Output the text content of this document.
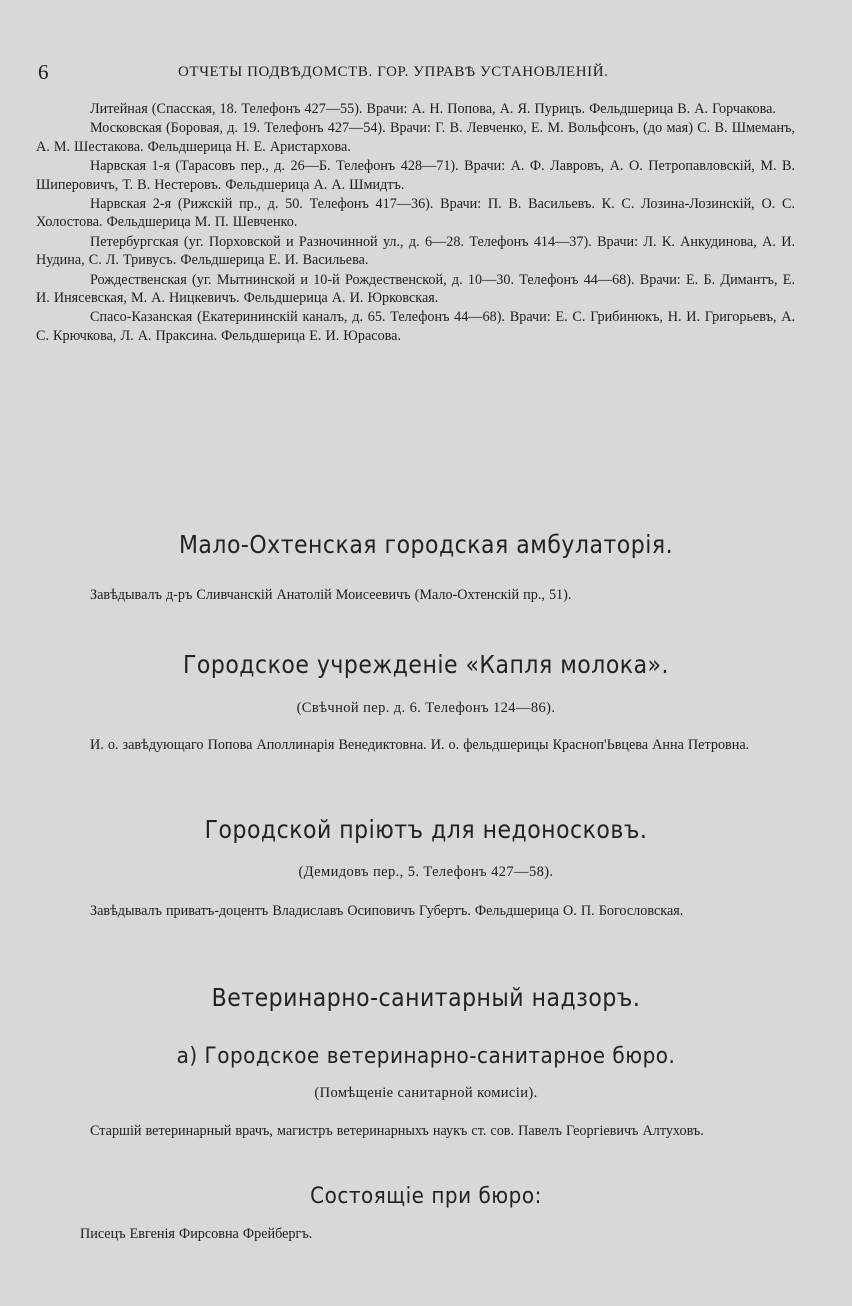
6	ОТЧЕТЫ ПОДВѢДОМСТВ. ГОР. УПРАВѢ УСТАНОВЛЕНІЙ.

Литейная (Спасская, 18. Телефонъ 427—55). Врачи: А. Н. Попова, А. Я. Пурицъ. Фельдшерица В. А. Горчакова.

Московская (Боровая, д. 19. Телефонъ 427—54). Врачи: Г. В. Левченко, Е. М. Вольфсонъ, (до мая) С. В. Шмеманъ, А. М. Шестакова. Фельдшерица Н. Е. Аристархова.

Нарвская 1-я (Тарасовъ пер., д. 26—Б. Телефонъ 428—71). Врачи: А. Ф. Лавровъ, А. О. Петропавловскій, М. В. Шиперовичъ, Т. В. Нестеровъ. Фельдшерица А. А. Шмидтъ.

Нарвская 2-я (Рижскій пр., д. 50. Телефонъ 417—36). Врачи: П. В. Васильевъ. К. С. Лозина-Лозинскій, О. С. Холостова. Фельдшерица М. П. Шевченко.

Петербургская (уг. Порховской и Разночинной ул., д. 6—28. Телефонъ 414—37). Врачи: Л. К. Анкудинова, А. И. Нудина, С. Л. Тривусъ. Фельдшерица Е. И. Васильева.

Рождественская (уг. Мытнинской и 10-й Рождественской, д. 10—30. Телефонъ 44—68). Врачи: Е. Б. Димантъ, Е. И. Инясевская, М. А. Ницкевичъ. Фельдшерица А. И. Юрковская.

Спасо-Казанская (Екатерининскій каналъ, д. 65. Телефонъ 44—68). Врачи: Е. С. Грибинюкъ, Н. И. Григорьевъ, А. С. Крючкова, Л. А. Праксина. Фельдшерица Е. И. Юрасова.

Мало-Охтенская городская амбулаторія.

Завѣдывалъ д-ръ Сливчанскій Анатолій Моисеевичъ (Мало-Охтенскій пр., 51).

Городское учрежденіе «Капля молока».
(Свѣчной пер. д. 6. Телефонъ 124—86).

И. о. завѣдующаго Попова Аполлинарія Венедиктовна. И. о. фельдшерицы Красноп'Ьвцева Анна Петровна.

Городской пріютъ для недоносковъ.
(Демидовъ пер., 5. Телефонъ 427—58).

Завѣдывалъ приватъ-доцентъ Владиславъ Осиповичъ Губертъ. Фельдшерица О. П. Богословская.

Ветеринарно-санитарный надзоръ.
а) Городское ветеринарно-санитарное бюро.
(Помѣщеніе санитарной комисіи).

Старшій ветеринарный врачъ, магистръ ветеринарныхъ наукъ ст. сов. Павелъ Георгіевичъ Алтуховъ.

Состоящіе при бюро:

Писецъ Евгенія Фирсовна Фрейбергъ.
